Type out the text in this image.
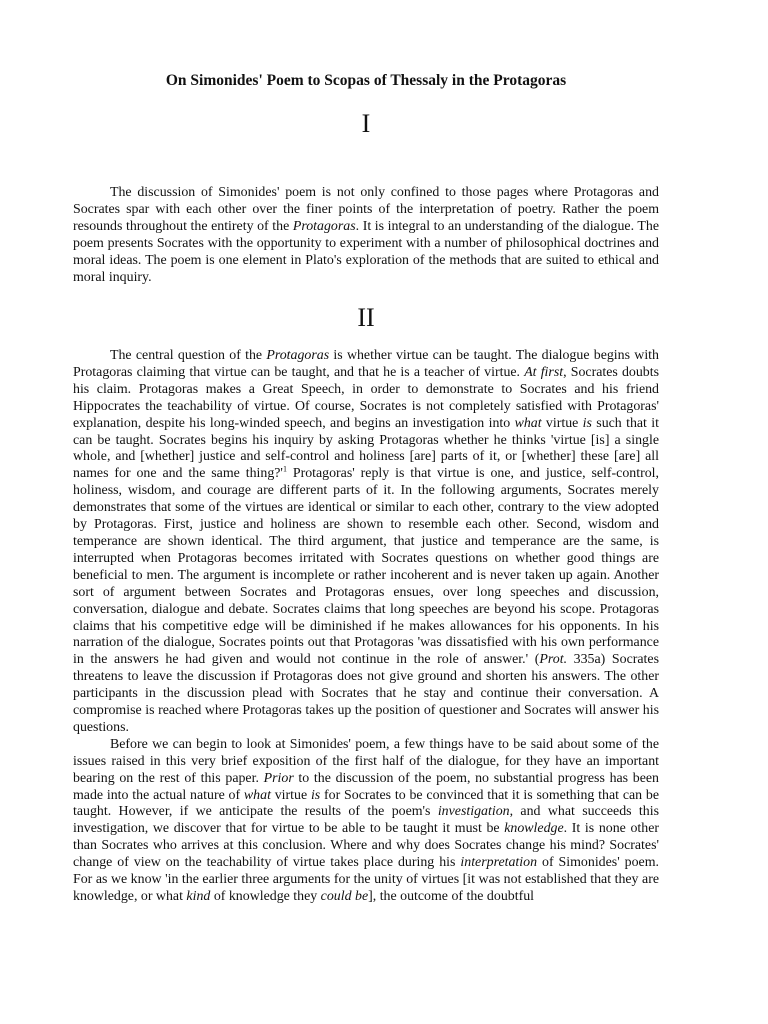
On Simonides' Poem to Scopas of Thessaly in the Protagoras
I

The discussion of Simonides' poem is not only confined to those pages where Protagoras and Socrates spar with each other over the finer points of the interpretation of poetry. Rather the poem resounds throughout the entirety of the Protagoras. It is integral to an understanding of the dialogue. The poem presents Socrates with the opportunity to experiment with a number of philosophical doctrines and moral ideas. The poem is one element in Plato's exploration of the methods that are suited to ethical and moral inquiry.

II

The central question of the Protagoras is whether virtue can be taught. The dialogue begins with Protagoras claiming that virtue can be taught, and that he is a teacher of virtue. At first, Socrates doubts his claim. Protagoras makes a Great Speech, in order to demonstrate to Socrates and his friend Hippocrates the teachability of virtue. Of course, Socrates is not completely satisfied with Protagoras' explanation, despite his long-winded speech, and begins an investigation into what virtue is such that it can be taught. Socrates begins his inquiry by asking Protagoras whether he thinks 'virtue [is] a single whole, and [whether] justice and self-control and holiness [are] parts of it, or [whether] these [are] all names for one and the same $thing?'^1$ Protagoras' reply is that virtue is one, and justice, self-control, holiness, wisdom, and courage are different parts of it. In the following arguments, Socrates merely demonstrates that some of the virtues are identical or similar to each other, contrary to the view adopted by Protagoras. First, justice and holiness are shown to resemble each other. Second, wisdom and temperance are shown identical. The third argument, that justice and temperance are the same, is interrupted when Protagoras becomes irritated with Socrates questions on whether good things are beneficial to men. The argument is incomplete or rather incoherent and is never taken up again. Another sort of argument between Socrates and Protagoras ensues, over long speeches and discussion, conversation, dialogue and debate. Socrates claims that long speeches are beyond his scope. Protagoras claims that his competitive edge will be diminished if he makes allowances for his opponents. In his narration of the dialogue, Socrates points out that Protagoras 'was dissatisfied with his own performance in the answers he had given and would not continue in the role of answer.' (Prot. 335a) Socrates threatens to leave the discussion if Protagoras does not give ground and shorten his answers. The other participants in the discussion plead with Socrates that he stay and continue their conversation. A compromise is reached where Protagoras takes up the position of questioner and Socrates will answer his questions.

Before we can begin to look at Simonides' poem, a few things have to be said about some of the issues raised in this very brief exposition of the first half of the dialogue, for they have an important bearing on the rest of this paper. Prior to the discussion of the poem, no substantial progress has been made into the actual nature of what virtue is for Socrates to be convinced that it is something that can be taught. However, if we anticipate the results of the poem's investigation, and what succeeds this investigation, we discover that for virtue to be able to be taught it must be knowledge. It is none other than Socrates who arrives at this conclusion. Where and why does Socrates change his mind? Socrates' change of view on the teachability of virtue takes place during his interpretation of Simonides' poem. For as we know 'in the earlier three arguments for the unity of virtues [it was not established that they are knowledge, or what kind of knowledge they could be], the outcome of the doubtful
